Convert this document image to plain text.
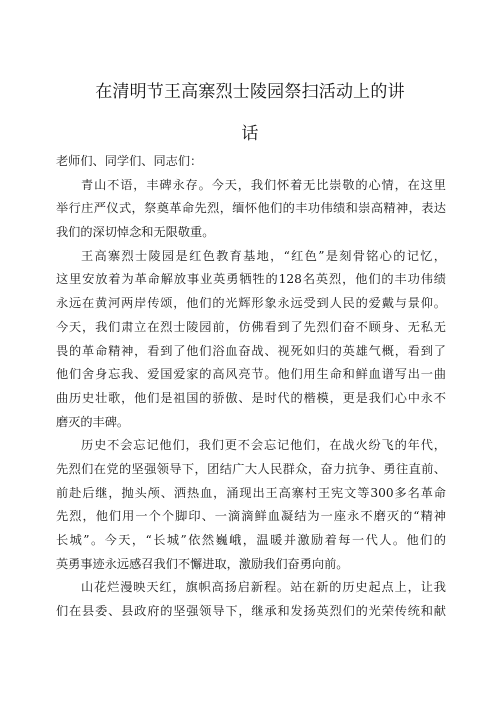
在清明节王高寨烈士陵园祭扫活动上的讲
话
老师们、同学们、同志们：
青山不语，丰碑永存。今天，我们怀着无比崇敬的心情，在这里
举行庄严仪式，祭奠革命先烈，缅怀他们的丰功伟绩和崇高精神，表达
我们的深切悼念和无限敬重。
王高寨烈士陵园是红色教育基地，“红色”是刻骨铭心的记忆，
这里安放着为革命解放事业英勇牺牲的128名英烈，他们的丰功伟绩
永远在黄河两岸传颂，他们的光辉形象永远受到人民的爱戴与景仰。
今天，我们肃立在烈士陵园前，仿佛看到了先烈们奋不顾身、无私无
畏的革命精神，看到了他们浴血奋战、视死如归的英雄气概，看到了
他们舍身忘我、爱国爱家的高风亮节。他们用生命和鲜血谱写出一曲
曲历史壮歌，他们是祖国的骄傲、是时代的楷模，更是我们心中永不
磨灭的丰碑。
历史不会忘记他们，我们更不会忘记他们，在战火纷飞的年代，
先烈们在党的坚强领导下，团结广大人民群众，奋力抗争、勇往直前、
前赴后继，抛头颅、洒热血，涌现出王高寨村王宪文等300多名革命
先烈，他们用一个个脚印、一滴滴鲜血凝结为一座永不磨灭的“精神
长城”。今天，“长城”依然巍峨，温暖并激励着每一代人。他们的
英勇事迹永远感召我们不懈进取，激励我们奋勇向前。
山花烂漫映天红，旗帜高扬启新程。站在新的历史起点上，让我
们在县委、县政府的坚强领导下，继承和发扬英烈们的光荣传统和献
